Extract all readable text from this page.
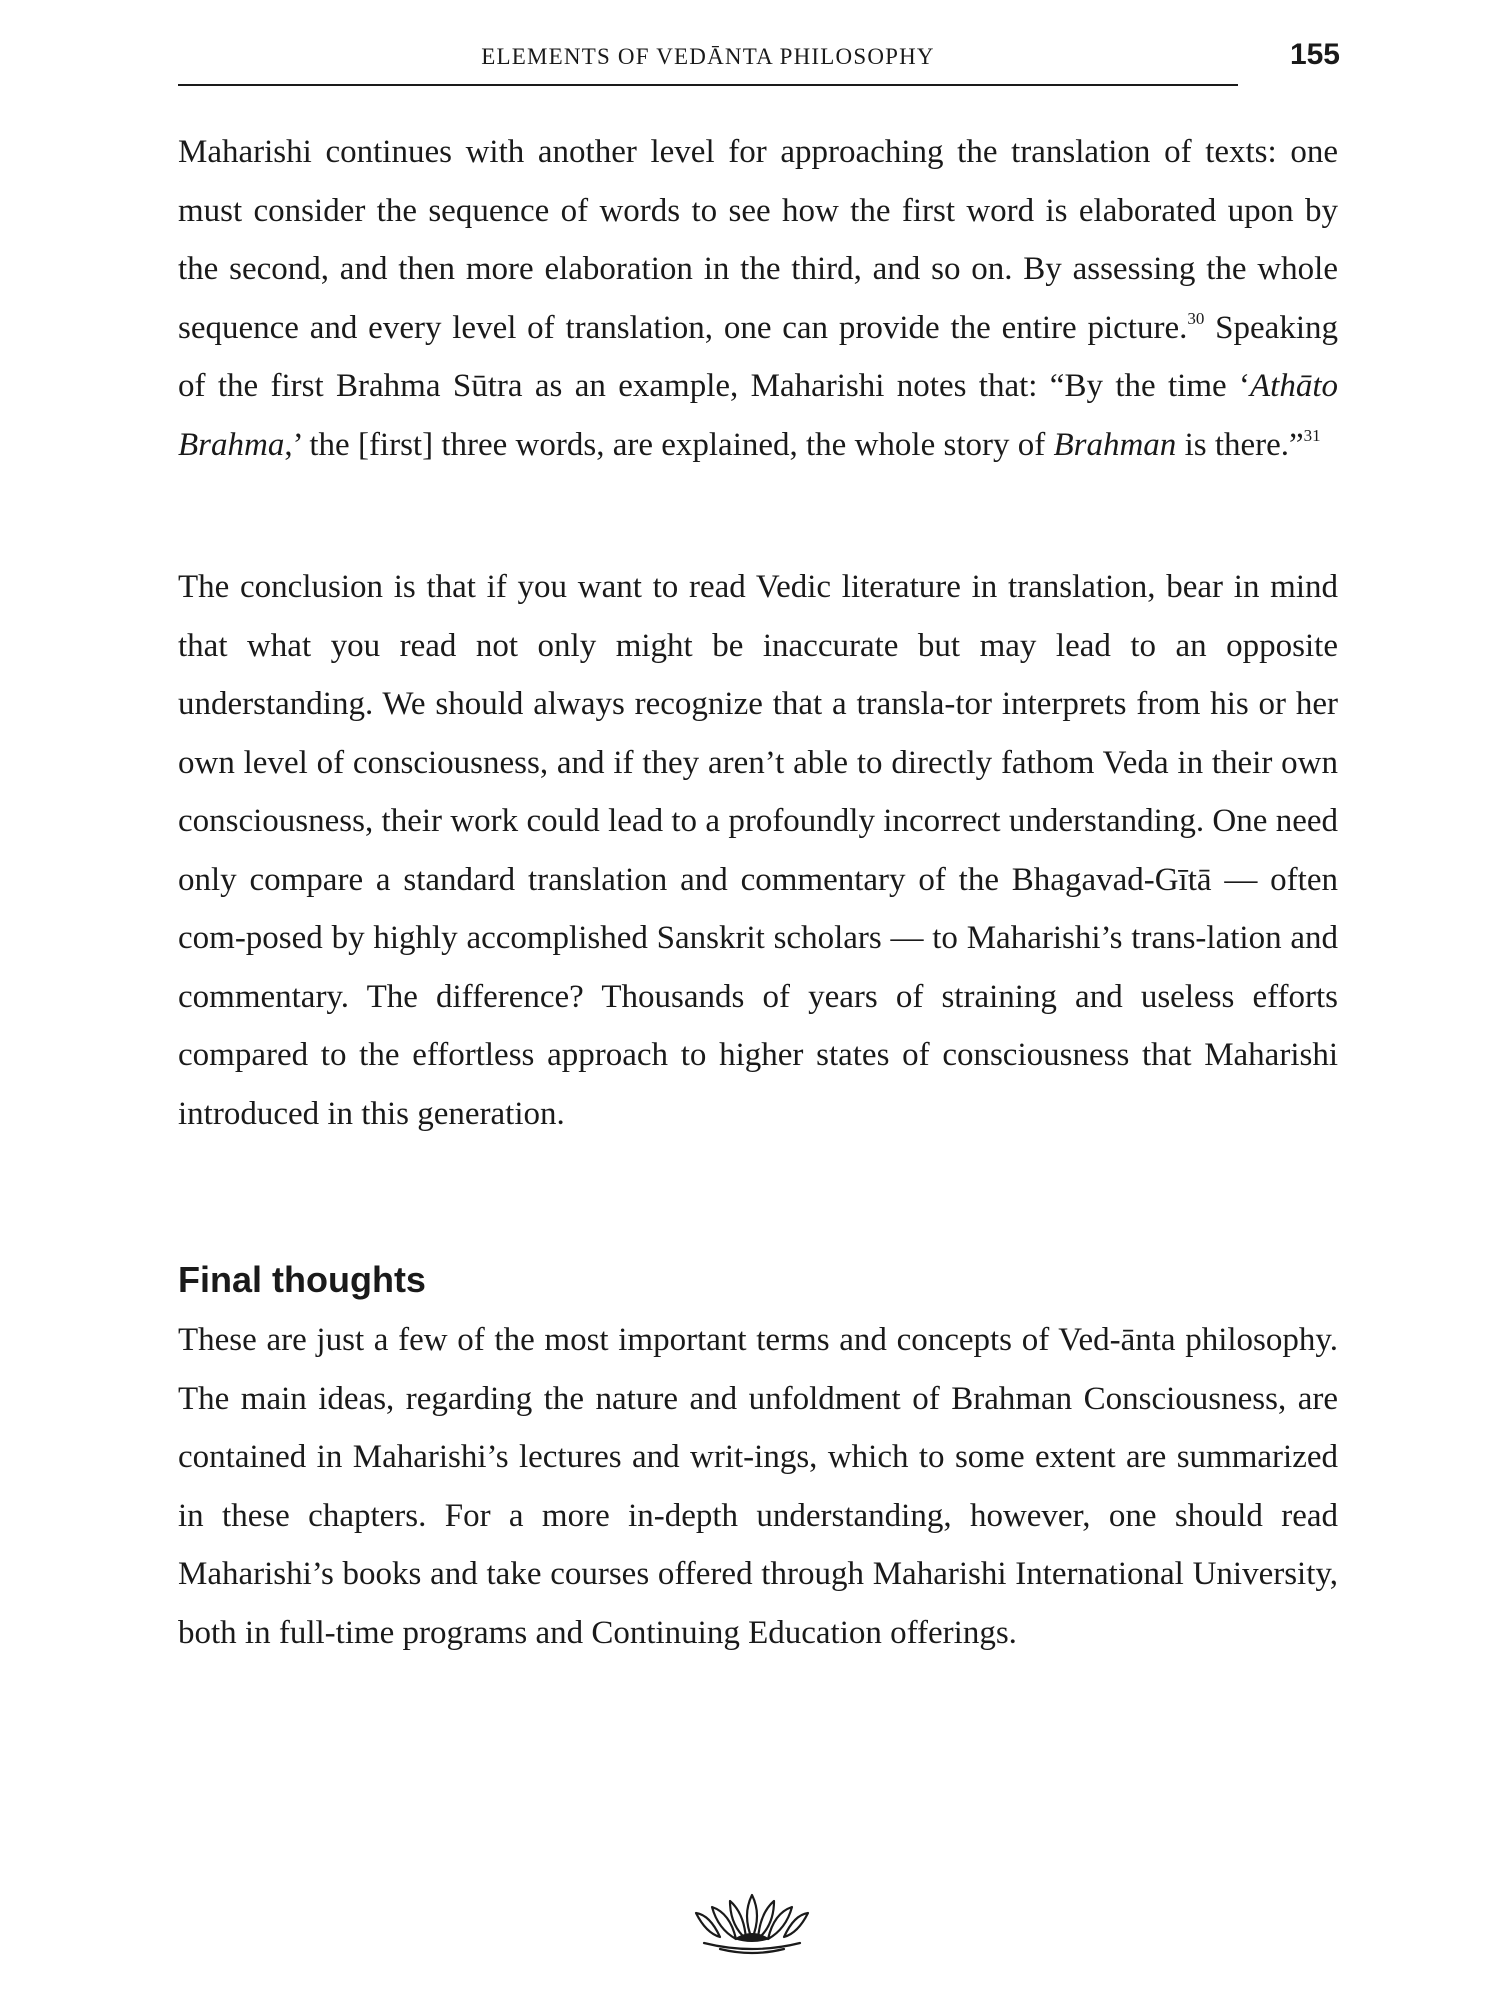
ELEMENTS OF VEDĀNTA PHILOSOPHY	155

Maharishi continues with another level for approaching the translation of texts: one must consider the sequence of words to see how the first word is elaborated upon by the second, and then more elaboration in the third, and so on. By assessing the whole sequence and every level of translation, one can provide the entire picture.$^{30}$ Speaking of the first Brahma Sūtra as an example, Maharishi notes that: “By the time ‘Athāto Brahma,’ the [first] three words, are explained, the whole story of Brahman is there.”$^{31}$

The conclusion is that if you want to read Vedic literature in translation, bear in mind that what you read not only might be inaccurate but may lead to an opposite understanding. We should always recognize that a transla-tor interprets from his or her own level of consciousness, and if they aren’t able to directly fathom Veda in their own consciousness, their work could lead to a profoundly incorrect understanding. One need only compare a standard translation and commentary of the Bhagavad-Gītā — often com-posed by highly accomplished Sanskrit scholars — to Maharishi’s trans-lation and commentary. The difference? Thousands of years of straining and useless efforts compared to the effortless approach to higher states of consciousness that Maharishi introduced in this generation.

Final thoughts

These are just a few of the most important terms and concepts of Ved-ānta philosophy. The main ideas, regarding the nature and unfoldment of Brahman Consciousness, are contained in Maharishi’s lectures and writ-ings, which to some extent are summarized in these chapters. For a more in-depth understanding, however, one should read Maharishi’s books and take courses offered through Maharishi International University, both in full-time programs and Continuing Education offerings.
